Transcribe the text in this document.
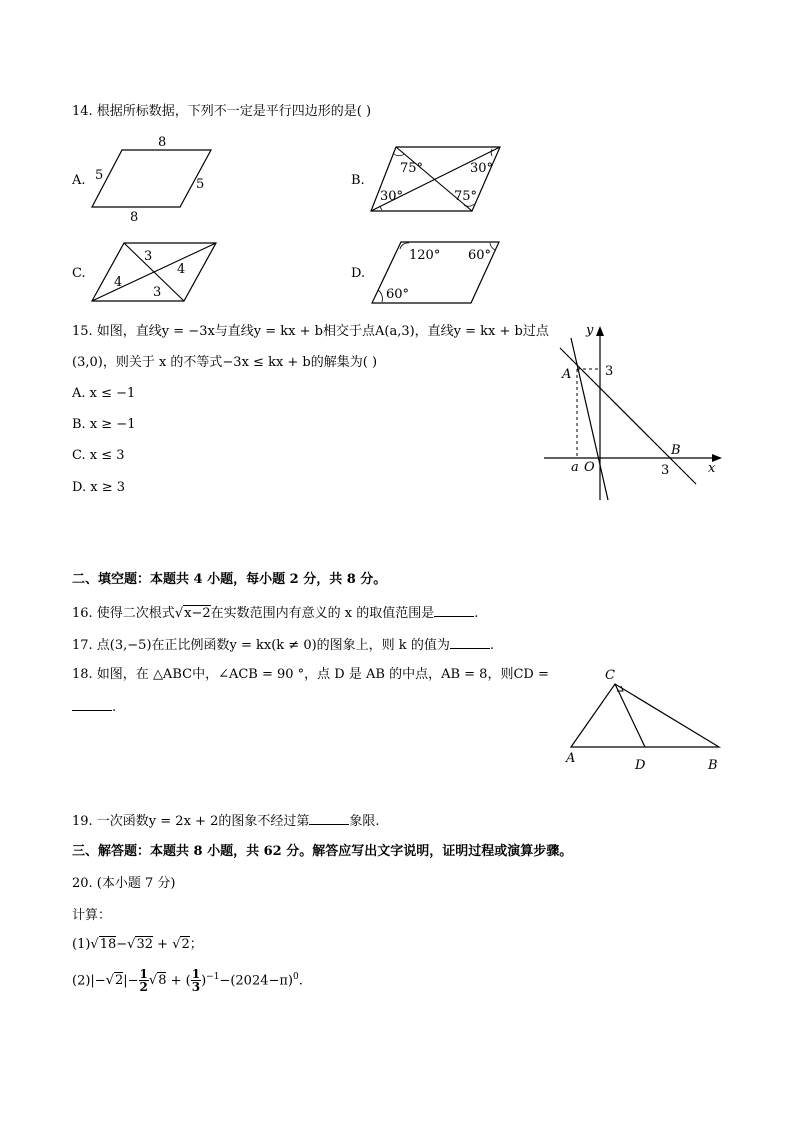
14. 根据所标数据，下列不一定是平行四边形的是( )
A.
8
5
5
8
B.
75°	30°
30°	75°
C.
3
4
4
3
D.
120° 60°
60°
15. 如图，直线y = −3x与直线y = kx + b相交于点A(a,3)，直线y = kx + b过点
(3,0)，则关于 x 的不等式−3x ≤ kx + b的解集为( )
A. x ≤ −1
B. x ≥ −1
C. x ≤ 3
D. x ≥ 3
y
x
A
B
O
a
3
3
二、填空题：本题共 4 小题，每小题 2 分，共 8 分。
16. 使得二次根式√x−2在实数范围内有意义的 x 的取值范围是	.
17. 点(3,−5)在正比例函数y = kx(k ≠ 0)的图象上，则 k 的值为	.
18. 如图，在 △ABC中，∠ACB = 90 °，点 D 是 AB 的中点，AB = 8，则CD =
.
A	B
C
D
19. 一次函数y = 2x + 2的图象不经过第	象限.
三、解答题：本题共 8 小题，共 62 分。解答应写出文字说明，证明过程或演算步骤。
20. (本小题 7 分)
计算：
(1)√18−√32 + √2；
$(2)|-√2|- \frac{1}{2} √8$ + ( $\frac{1}{3} )^{-1}-(2024-\pi)^0$.
